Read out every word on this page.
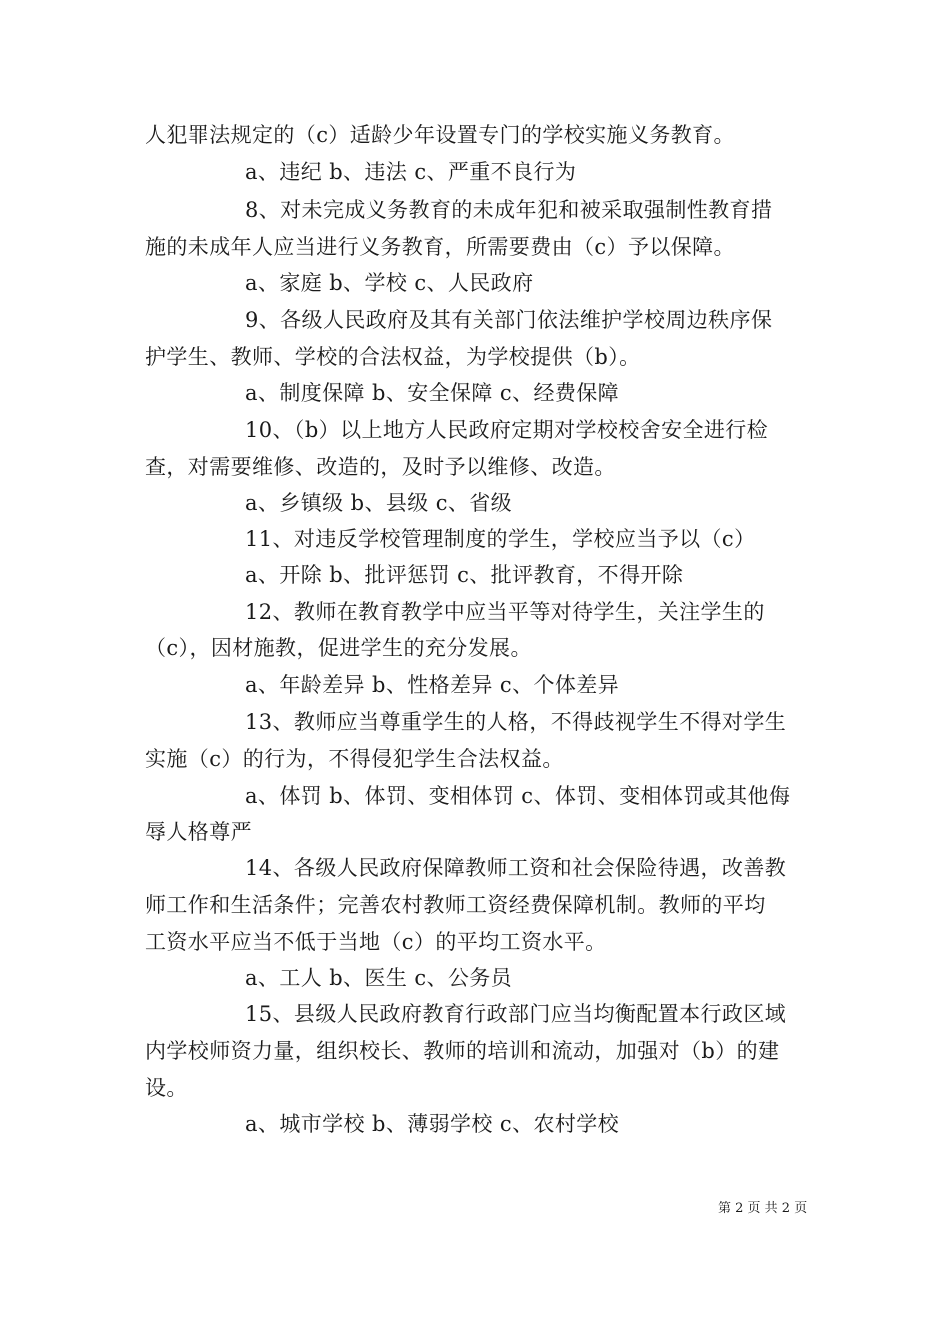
人犯罪法规定的（c）适龄少年设置专门的学校实施义务教育。
a、违纪 b、违法 c、严重不良行为
8、对未完成义务教育的未成年犯和被采取强制性教育措
施的未成年人应当进行义务教育，所需要费由（c）予以保障。
a、家庭 b、学校 c、人民政府
9、各级人民政府及其有关部门依法维护学校周边秩序保
护学生、教师、学校的合法权益，为学校提供（b）。
a、制度保障 b、安全保障 c、经费保障
10、（b）以上地方人民政府定期对学校校舍安全进行检
查，对需要维修、改造的，及时予以维修、改造。
a、乡镇级 b、县级 c、省级
11、对违反学校管理制度的学生，学校应当予以（c）
a、开除 b、批评惩罚 c、批评教育，不得开除
12、教师在教育教学中应当平等对待学生，关注学生的
（c），因材施教，促进学生的充分发展。
a、年龄差异 b、性格差异 c、个体差异
13、教师应当尊重学生的人格，不得歧视学生不得对学生
实施（c）的行为，不得侵犯学生合法权益。
a、体罚 b、体罚、变相体罚 c、体罚、变相体罚或其他侮
辱人格尊严
14、各级人民政府保障教师工资和社会保险待遇，改善教
师工作和生活条件；完善农村教师工资经费保障机制。教师的平均
工资水平应当不低于当地（c）的平均工资水平。
a、工人 b、医生 c、公务员
15、县级人民政府教育行政部门应当均衡配置本行政区域
内学校师资力量，组织校长、教师的培训和流动，加强对（b）的建
设。
a、城市学校 b、薄弱学校 c、农村学校
第 2 页 共 2 页
